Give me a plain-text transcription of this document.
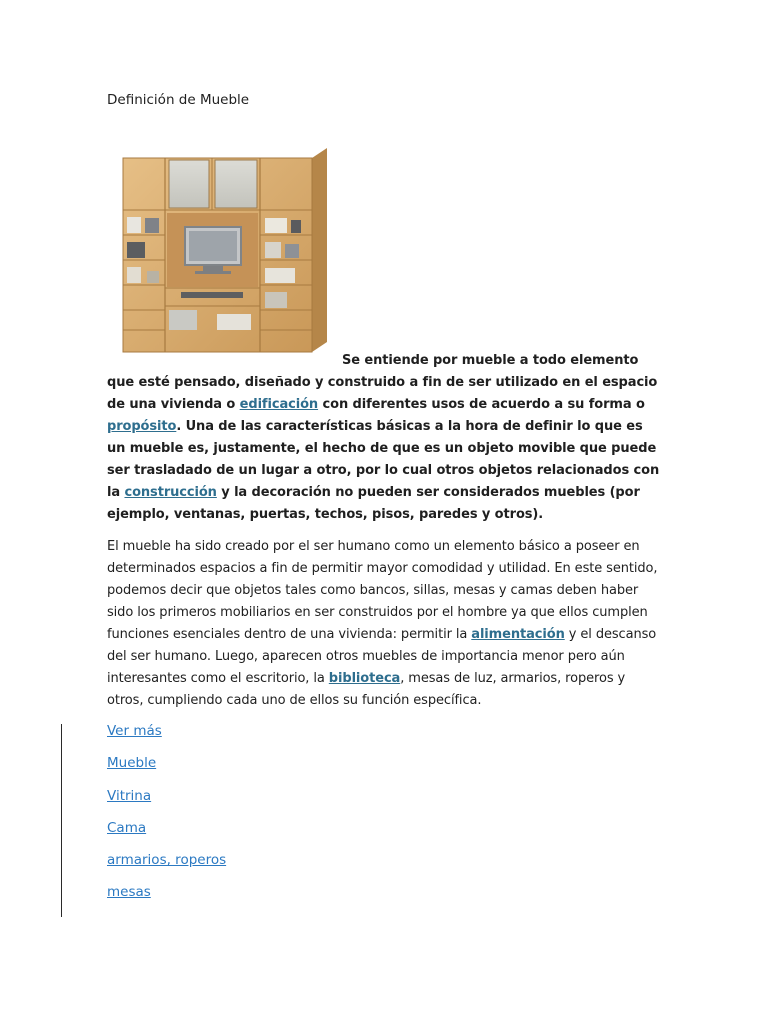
Definición de Mueble

Se entiende por mueble a todo elemento que esté pensado, diseñado y construido a fin de ser utilizado en el espacio de una vivienda o edificación con diferentes usos de acuerdo a su forma o propósito. Una de las características básicas a la hora de definir lo que es un mueble es, justamente, el hecho de que es un objeto movible que puede ser trasladado de un lugar a otro, por lo cual otros objetos relacionados con la construcción y la decoración no pueden ser considerados muebles (por ejemplo, ventanas, puertas, techos, pisos, paredes y otros).

El mueble ha sido creado por el ser humano como un elemento básico a poseer en determinados espacios a fin de permitir mayor comodidad y utilidad. En este sentido, podemos decir que objetos tales como bancos, sillas, mesas y camas deben haber sido los primeros mobiliarios en ser construidos por el hombre ya que ellos cumplen funciones esenciales dentro de una vivienda: permitir la alimentación y el descanso del ser humano. Luego, aparecen otros muebles de importancia menor pero aún interesantes como el escritorio, la biblioteca, mesas de luz, armarios, roperos y otros, cumpliendo cada uno de ellos su función específica.

Ver más
Mueble
Vitrina
Cama
armarios, roperos
mesas
